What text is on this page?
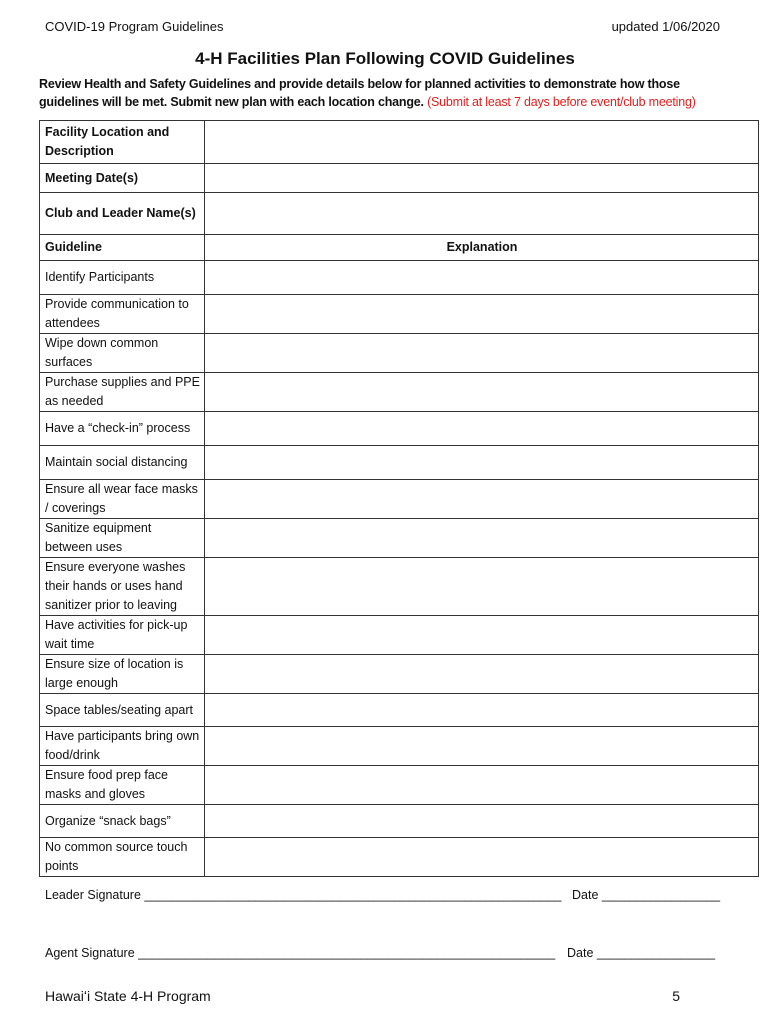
COVID-19 Program Guidelines	updated 1/06/2020
4-H Facilities Plan Following COVID Guidelines
Review Health and Safety Guidelines and provide details below for planned activities to demonstrate how those guidelines will be met. Submit new plan with each location change. (Submit at least 7 days before event/club meeting)
Facility Location and Description	
Meeting Date(s)	
Club and Leader Name(s)	
Guideline	Explanation
Identify Participants	
Provide communication to attendees	
Wipe down common surfaces	
Purchase supplies and PPE as needed	
Have a “check-in” process	
Maintain social distancing	
Ensure all wear face masks / coverings	
Sanitize equipment between uses	
Ensure everyone washes their hands or uses hand sanitizer prior to leaving	
Have activities for pick-up wait time	
Ensure size of location is large enough	
Space tables/seating apart	
Have participants bring own food/drink	
Ensure food prep face masks and gloves	
Organize “snack bags”	
No common source touch points	
Leader Signature ____________________________________________________________ Date _________________
Agent Signature ____________________________________________________________ Date _________________
Hawaiʻi State 4-H Program	5
